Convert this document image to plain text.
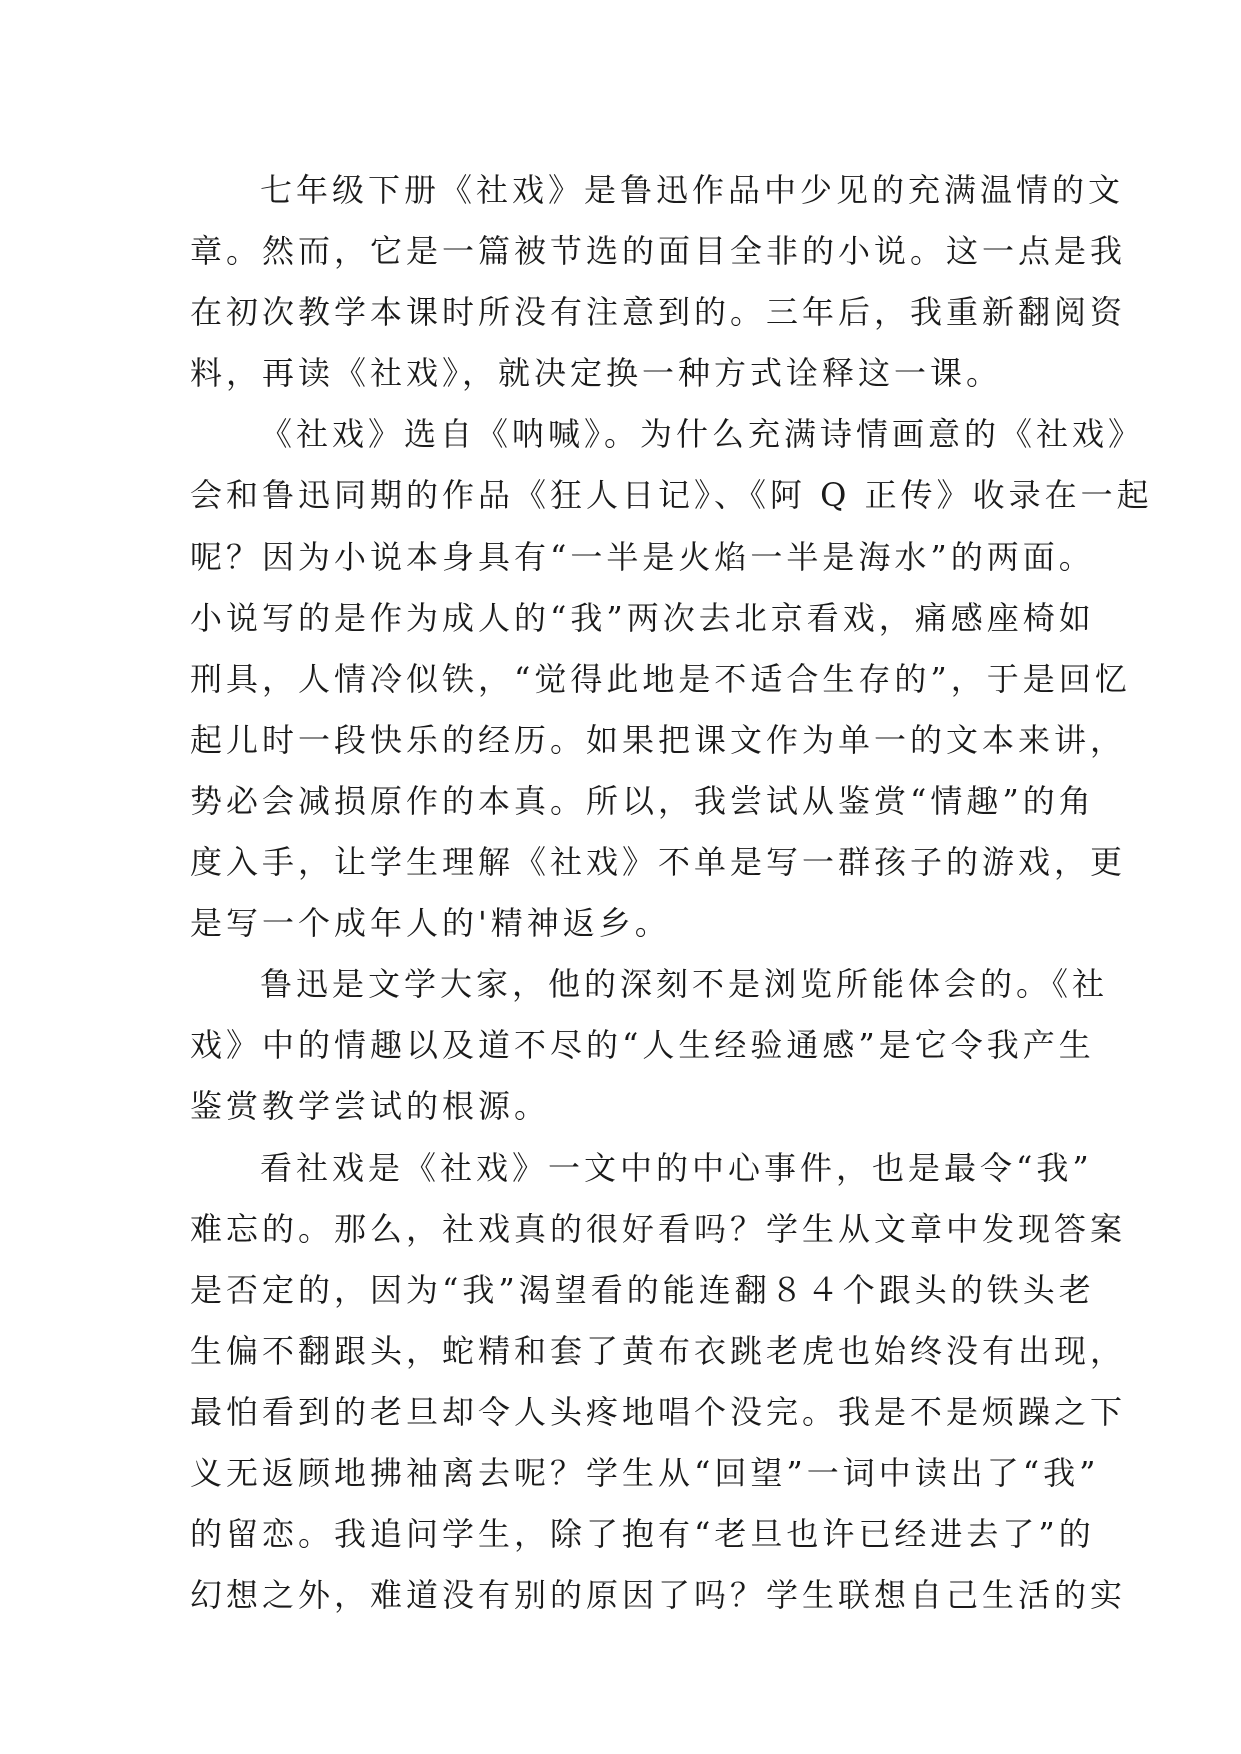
七年级下册《社戏》是鲁迅作品中少见的充满温情的文
章。然而，它是一篇被节选的面目全非的小说。这一点是我
在初次教学本课时所没有注意到的。三年后，我重新翻阅资
料，再读《社戏》，就决定换一种方式诠释这一课。
《社戏》选自《呐喊》。为什么充满诗情画意的《社戏》
会和鲁迅同期的作品《狂人日记》、《阿 Q 正传》收录在一起
呢？因为小说本身具有“一半是火焰一半是海水”的两面。
小说写的是作为成人的“我”两次去北京看戏，痛感座椅如
刑具，人情冷似铁，“觉得此地是不适合生存的”，于是回忆
起儿时一段快乐的经历。如果把课文作为单一的文本来讲，
势必会减损原作的本真。所以，我尝试从鉴赏“情趣”的角
度入手，让学生理解《社戏》不单是写一群孩子的游戏，更
是写一个成年人的'精神返乡。
鲁迅是文学大家，他的深刻不是浏览所能体会的。《社
戏》中的情趣以及道不尽的“人生经验通感”是它令我产生
鉴赏教学尝试的根源。
看社戏是《社戏》一文中的中心事件，也是最令“我”
难忘的。那么，社戏真的很好看吗？学生从文章中发现答案
是否定的，因为“我”渴望看的能连翻８４个跟头的铁头老
生偏不翻跟头，蛇精和套了黄布衣跳老虎也始终没有出现，
最怕看到的老旦却令人头疼地唱个没完。我是不是烦躁之下
义无返顾地拂袖离去呢？学生从“回望”一词中读出了“我”
的留恋。我追问学生，除了抱有“老旦也许已经进去了”的
幻想之外，难道没有别的原因了吗？学生联想自己生活的实
